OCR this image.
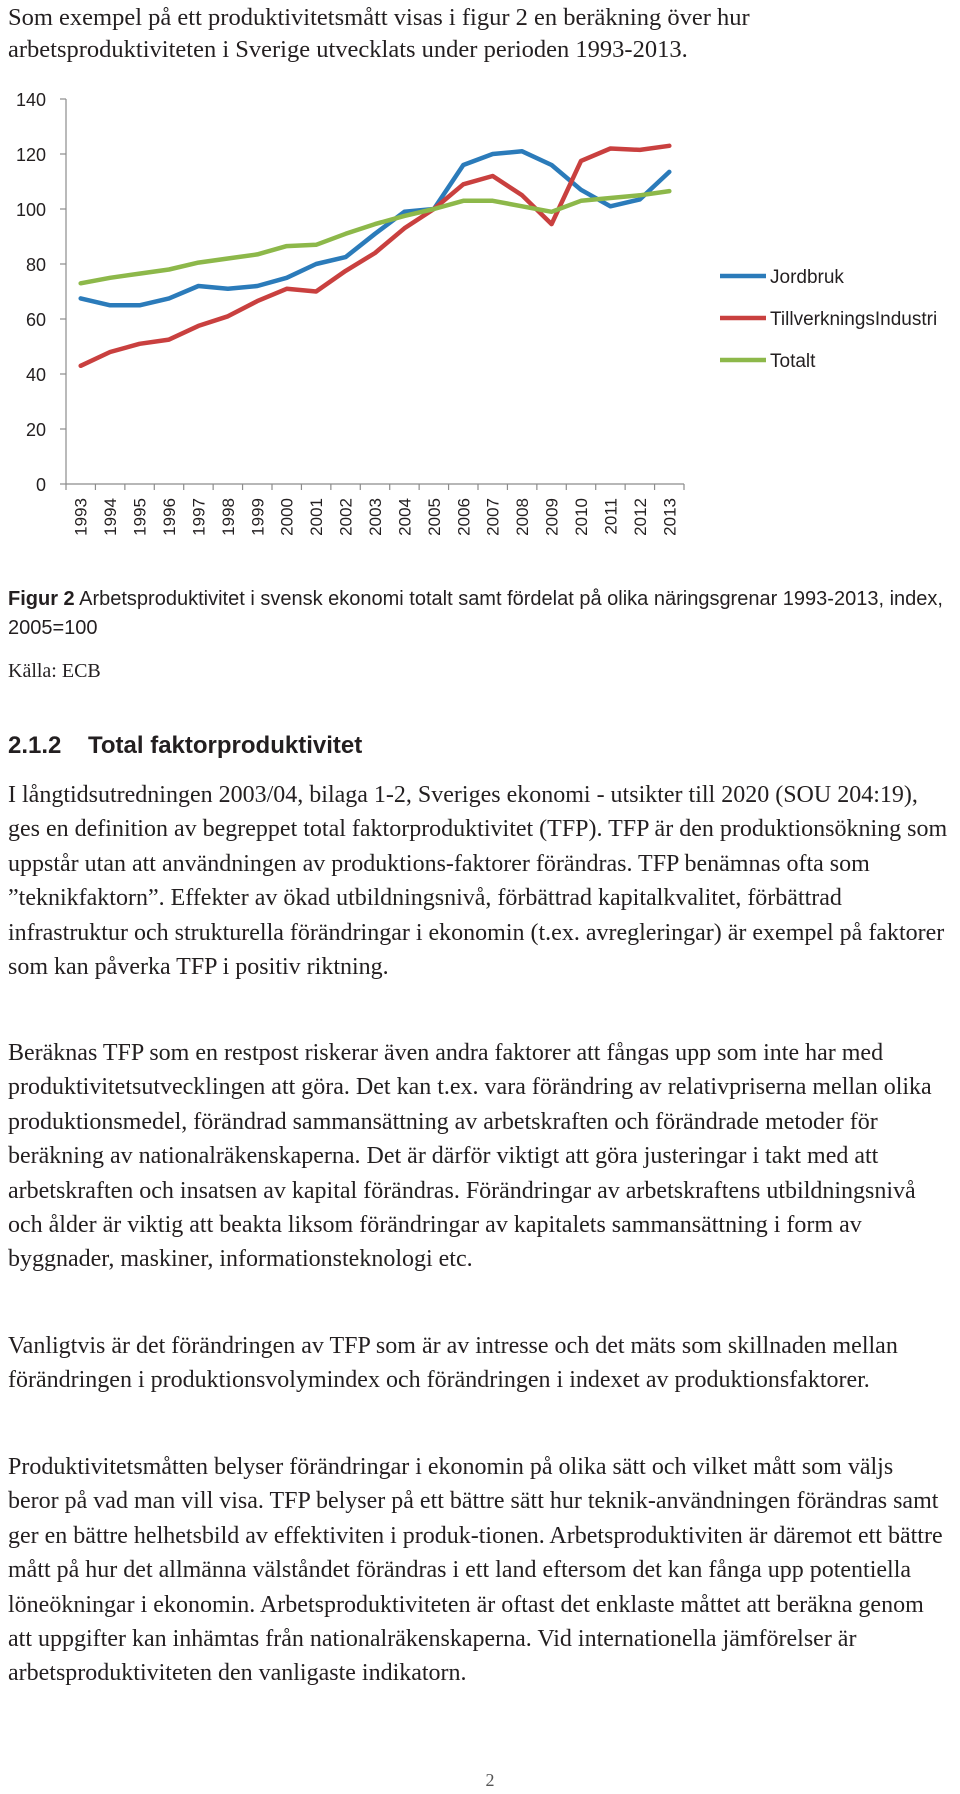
Som exempel på ett produktivitetsmått visas i figur 2 en beräkning över hur arbetsproduktiviteten i Sverige utvecklats under perioden 1993-2013.
0
20
40
60
80
100
120
140
1993 1994 1995 1996 1997 1998 1999 2000 2001 2002 2003 2004 2005 2006 2007 2008 2009 2010 2011 2012 2013
Jordbruk
TillverkningsIndustri
Totalt
Figur 2 Arbetsproduktivitet i svensk ekonomi totalt samt fördelat på olika näringsgrenar 1993-2013, index, 2005=100
Källa: ECB
2.1.2 Total faktorproduktivitet

I långtidsutredningen 2003/04, bilaga 1-2, Sveriges ekonomi - utsikter till 2020 (SOU 204:19), ges en definition av begreppet total faktorproduktivitet (TFP). TFP är den produktionsökning som uppstår utan att användningen av produktions-faktorer förändras. TFP benämnas ofta som ”teknikfaktorn”. Effekter av ökad utbildningsnivå, förbättrad kapitalkvalitet, förbättrad infrastruktur och strukturella förändringar i ekonomin (t.ex. avregleringar) är exempel på faktorer som kan påverka TFP i positiv riktning.

Beräknas TFP som en restpost riskerar även andra faktorer att fångas upp som inte har med produktivitetsutvecklingen att göra. Det kan t.ex. vara förändring av relativpriserna mellan olika produktionsmedel, förändrad sammansättning av arbetskraften och förändrade metoder för beräkning av nationalräkenskaperna. Det är därför viktigt att göra justeringar i takt med att arbetskraften och insatsen av kapital förändras. Förändringar av arbetskraftens utbildningsnivå och ålder är viktig att beakta liksom förändringar av kapitalets sammansättning i form av byggnader, maskiner, informationsteknologi etc.

Vanligtvis är det förändringen av TFP som är av intresse och det mäts som skillnaden mellan förändringen i produktionsvolymindex och förändringen i indexet av produktionsfaktorer.

Produktivitetsmåtten belyser förändringar i ekonomin på olika sätt och vilket mått som väljs beror på vad man vill visa. TFP belyser på ett bättre sätt hur teknik-användningen förändras samt ger en bättre helhetsbild av effektiviten i produk-tionen. Arbetsproduktiviten är däremot ett bättre mått på hur det allmänna välståndet förändras i ett land eftersom det kan fånga upp potentiella löneökningar i ekonomin. Arbetsproduktiviteten är oftast det enklaste måttet att beräkna genom att uppgifter kan inhämtas från nationalräkenskaperna. Vid internationella jämförelser är arbetsproduktiviteten den vanligaste indikatorn.

2
